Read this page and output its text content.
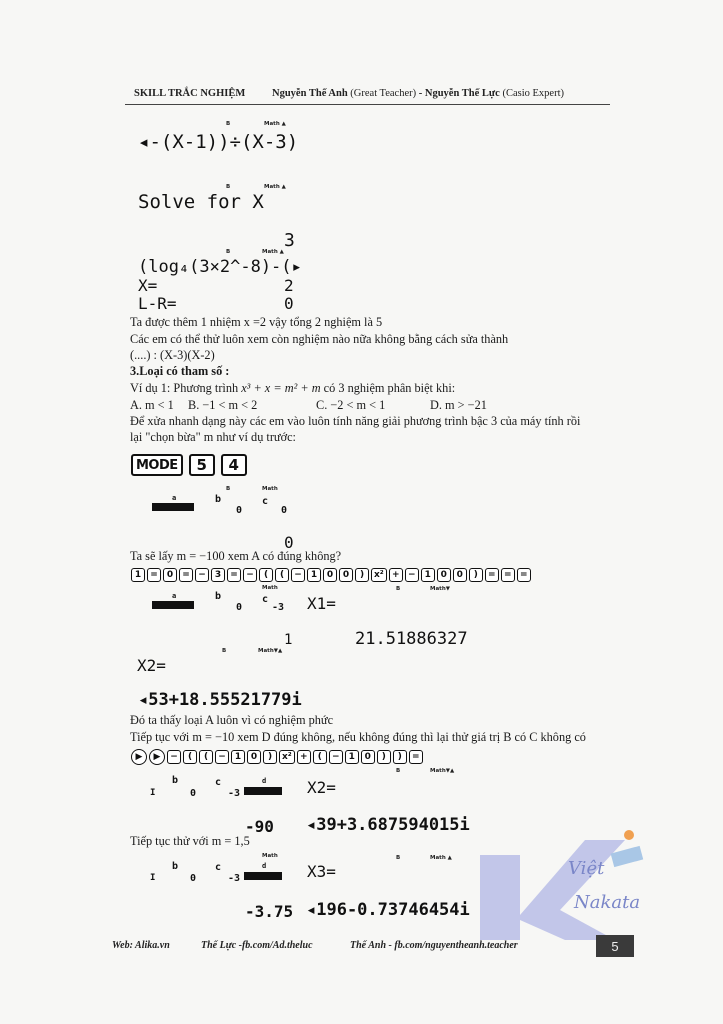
SKILL TRẮC NGHIỆM	Nguyễn Thế Anh (Great Teacher) - Nguyễn Thế Lực (Casio Expert)
B	Math ▲
◂-(X-1))÷(X-3)
B	Math ▲
Solve for X
3
B	Math ▲
(log₄(3×2^-8)-(▸
X=	2
L-R=	0
Ta được thêm 1 nhiệm x =2 vậy tổng 2 nghiệm là 5
Các em có thể thử luôn xem còn nghiệm nào nữa không bằng cách sửa thành
(....) : (X-3)(X-2)
3.Loại có tham số :
Ví dụ 1: Phương trình x³ + x = m² + m có 3 nghiệm phân biệt khi:
A. m < 1 B. −1 < m < 2	C. −2 < m < 1	D. m > −21
Để xửa nhanh dạng này các em vào luôn tính năng giải phương trình bậc 3 của máy tính rồi
lại "chọn bừa" m như ví dụ trước:
MODE	5	4
B	Math
a	b
0
c
0
0
Ta sẽ lấy m = −100 xem A có đúng không?
1	=	0	= −	3	= −	(	(	−	1	0	0	)	x² + −	1	0	0	)	= = =
B	Math▼
a	b
0
c
-3
Math
X1=
1	21.51886327
B	Math▼▲
X2=
◂53+18.55521779i
Đó ta thấy loại A luôn vì có nghiệm phức
Tiếp tục với m = −10 xem D đúng không, nếu không đúng thì lại thử giá trị B có C không có
▶	▶	−	(	(	−	1	0	)	x² +	(	−	1	0	)	)	=
B	Math▼▲
I
b
0
c
-3
d	X2=
-90 ◂39+3.687594015i
Tiếp tục thử với m = 1,5
B	Math ▲
Math
I
b
0
c
-3
d	X3=
-3.75 ◂196-0.73746454i
Việt
Nakata
Web: Alika.vn	Thế Lực -fb.com/Ad.theluc	Thế Anh - fb.com/nguyentheanh.teacher	5
